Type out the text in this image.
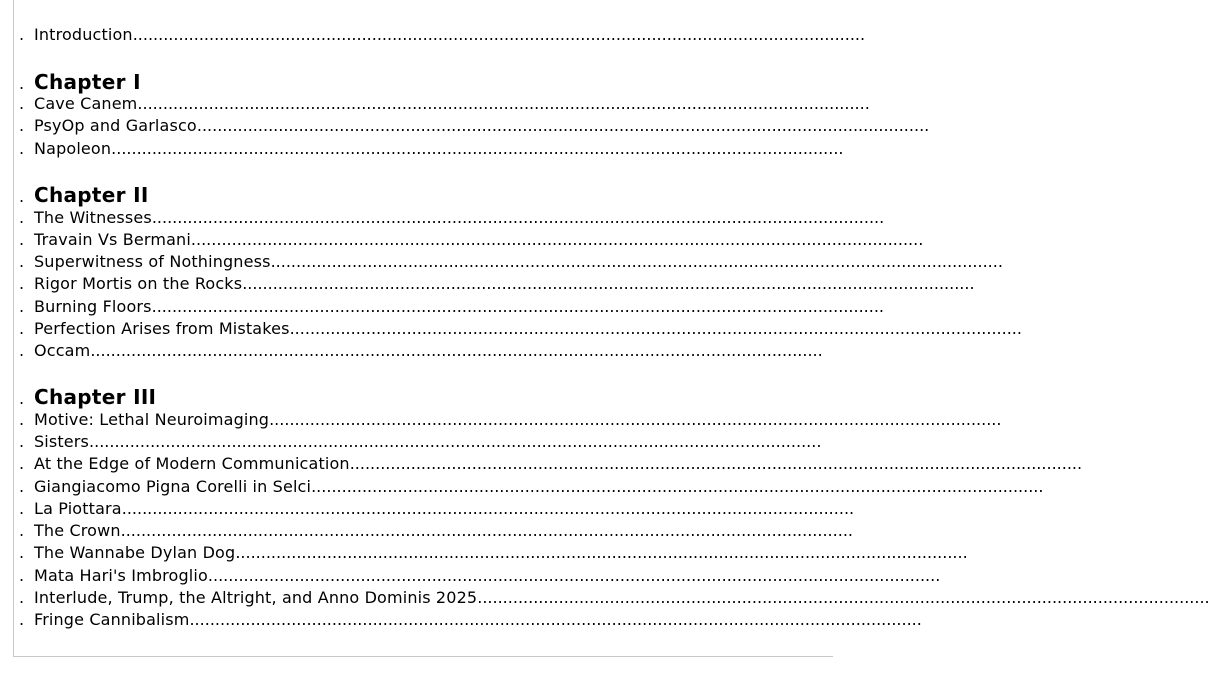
. Introduction................................................................................................................................................
. Chapter I
. Cave Canem................................................................................................................................................
. PsyOp and Garlasco................................................................................................................................................
. Napoleon................................................................................................................................................
. Chapter II
. The Witnesses................................................................................................................................................
. Travain Vs Bermani................................................................................................................................................
. Superwitness of Nothingness................................................................................................................................................
. Rigor Mortis on the Rocks................................................................................................................................................
. Burning Floors................................................................................................................................................
. Perfection Arises from Mistakes................................................................................................................................................
. Occam................................................................................................................................................
. Chapter III
. Motive: Lethal Neuroimaging................................................................................................................................................
. Sisters................................................................................................................................................
. At the Edge of Modern Communication................................................................................................................................................
. Giangiacomo Pigna Corelli in Selci................................................................................................................................................
. La Piottara................................................................................................................................................
. The Crown................................................................................................................................................
. The Wannabe Dylan Dog................................................................................................................................................
. Mata Hari's Imbroglio................................................................................................................................................
. Interlude, Trump, the Altright, and Anno Dominis 2025................................................................................................................................................
. Fringe Cannibalism................................................................................................................................................
